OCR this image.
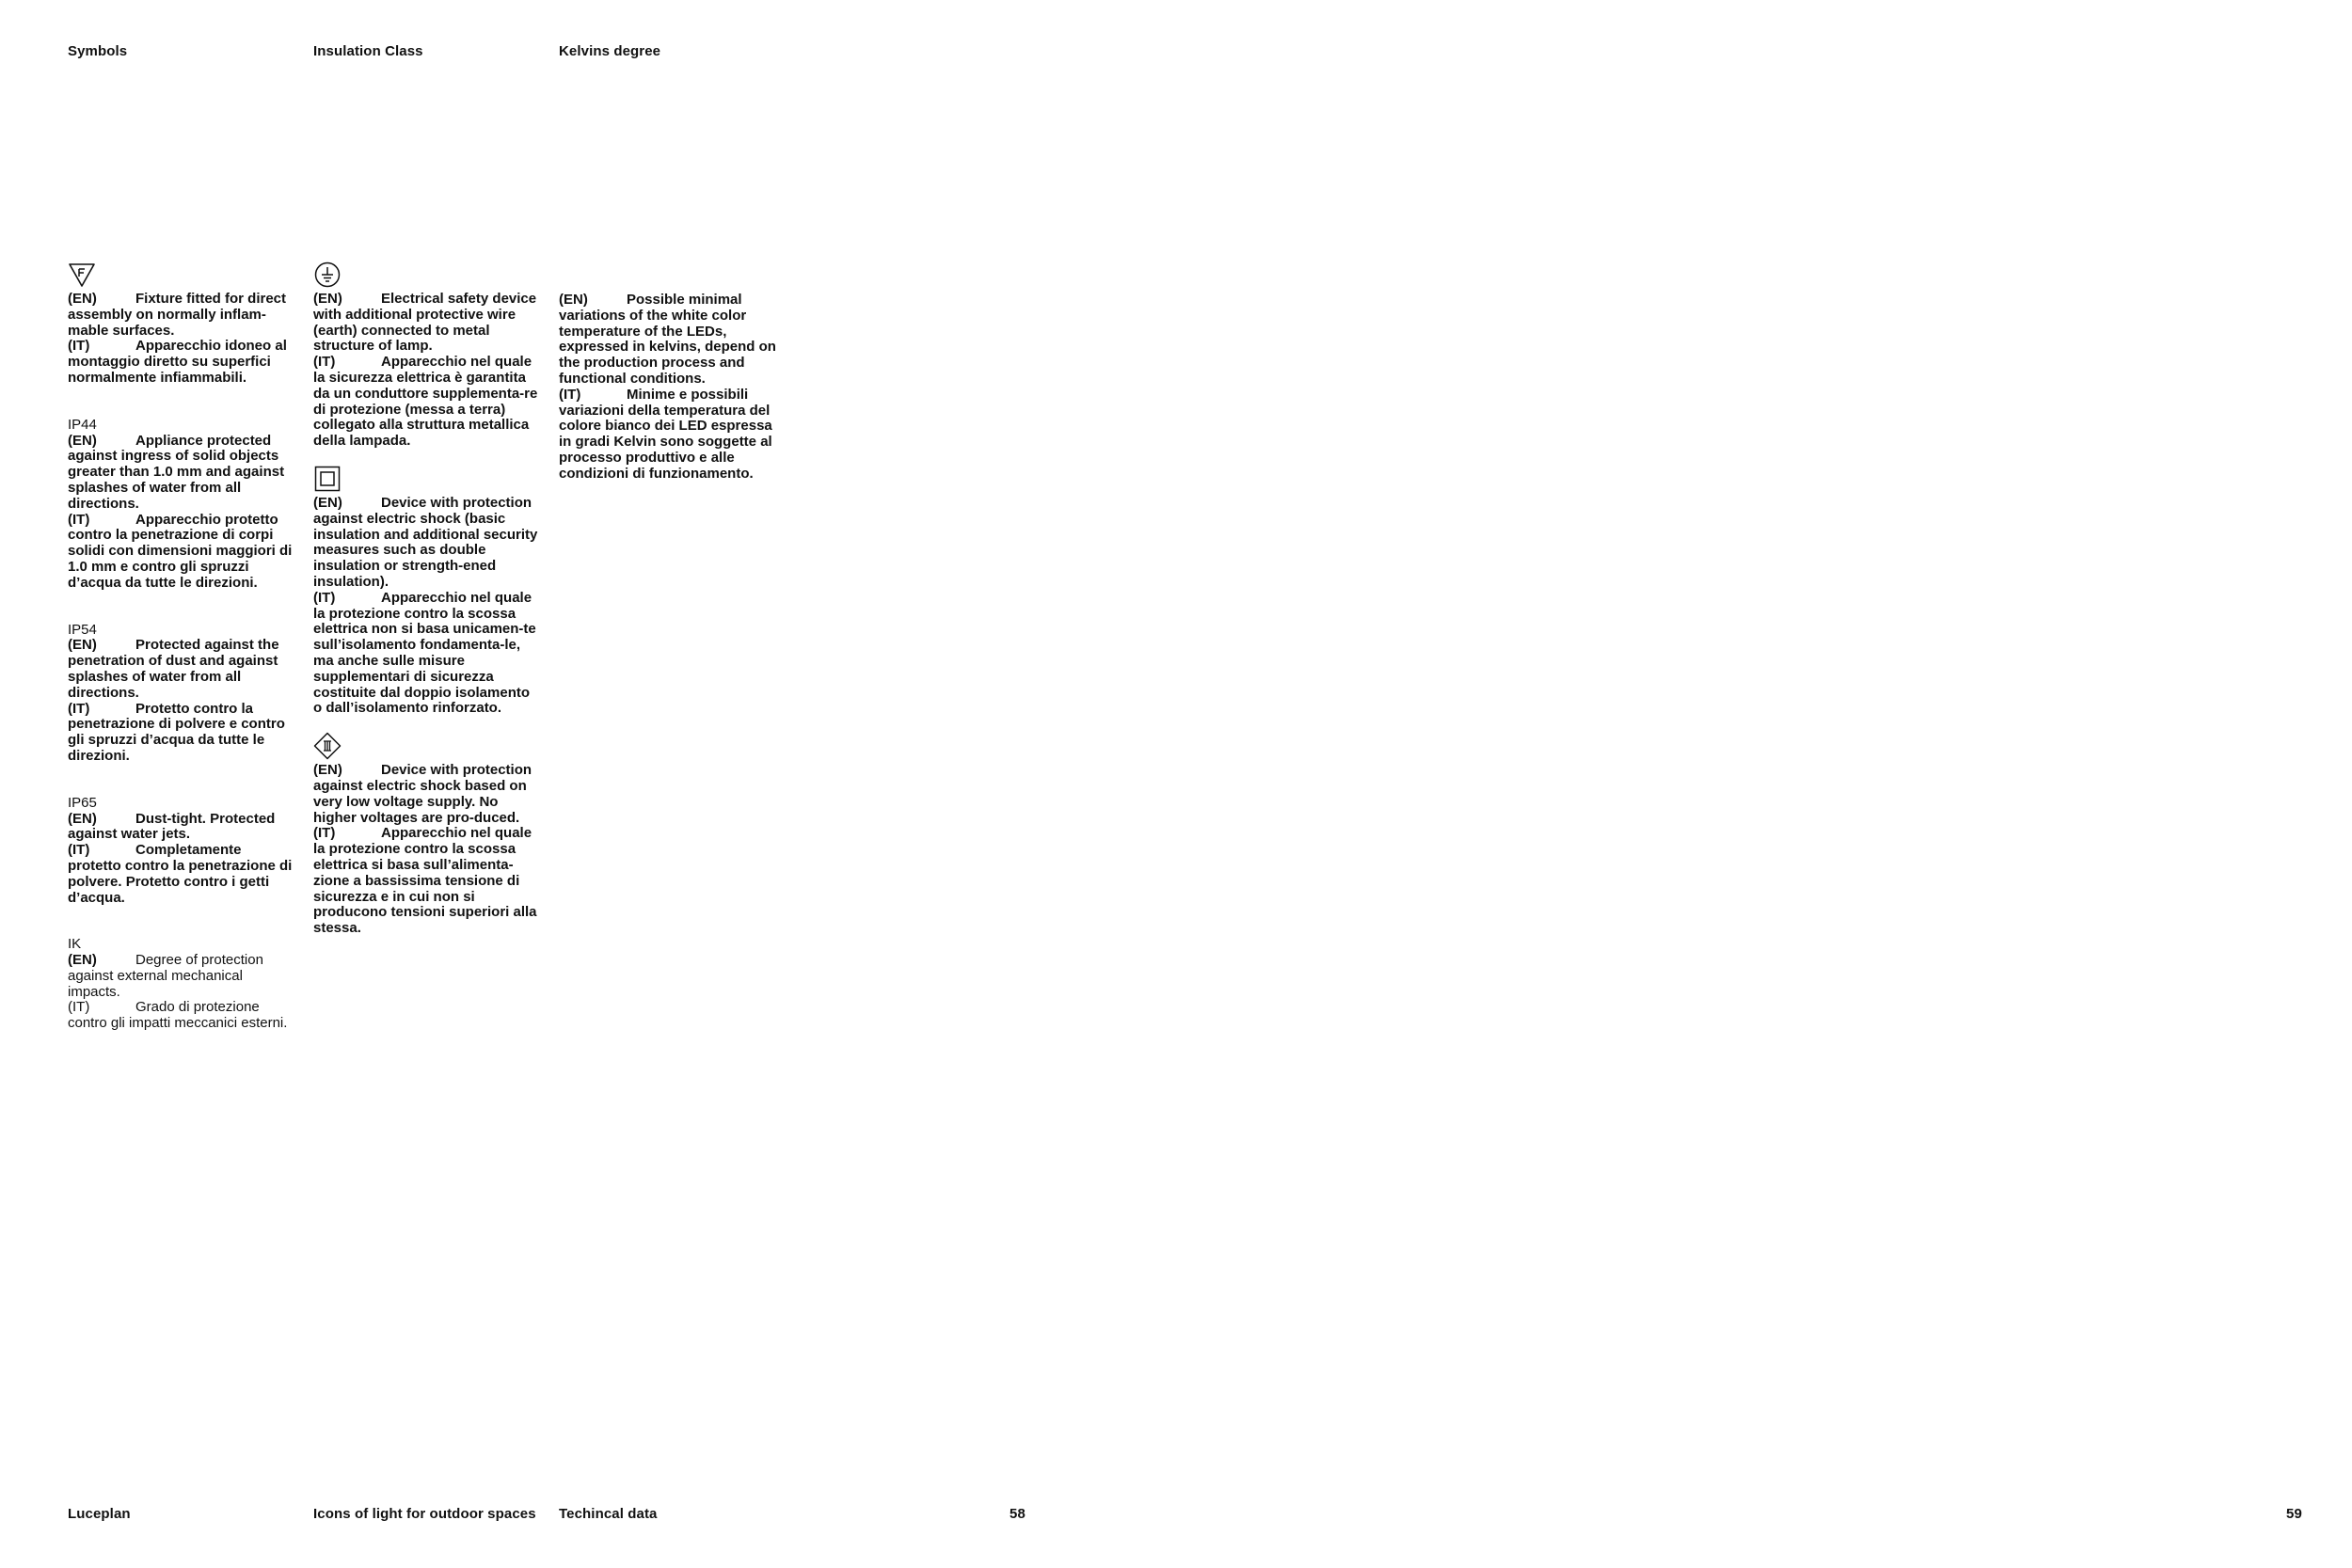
Symbols	Insulation Class	Kelvins degree
(EN)	Fixture fitted for direct assembly on normally inflam-mable surfaces.
(IT)	Apparecchio idoneo al montaggio diretto su superfici normalmente infiammabili.
IP44
(EN)	Appliance protected against ingress of solid objects greater than 1.0 mm and against splashes of water from all directions.
(IT)	Apparecchio protetto contro la penetrazione di corpi solidi con dimensioni maggiori di 1.0 mm e contro gli spruzzi d’acqua da tutte le direzioni.
IP54
(EN)	Protected against the penetration of dust and against splashes of water from all directions.
(IT)	Protetto contro la penetrazione di polvere e contro gli spruzzi d’acqua da tutte le direzioni.
IP65
(EN)	Dust-tight. Protected against water jets.
(IT)	Completamente protetto contro la penetrazione di polvere. Protetto contro i getti d’acqua.
IK
(EN)	Degree of protection against external mechanical impacts.
(IT)	Grado di protezione contro gli impatti meccanici esterni.
(EN)	Electrical safety device with additional protective wire (earth) connected to metal structure of lamp.
(IT)	Apparecchio nel quale la sicurezza elettrica è garantita da un conduttore supplementa-re di protezione (messa a terra) collegato alla struttura metallica della lampada.
(EN)	Device with protection against electric shock (basic insulation and additional security measures such as double insulation or strength-ened insulation).
(IT)	Apparecchio nel quale la protezione contro la scossa elettrica non si basa unicamen-te sull’isolamento fondamenta-le, ma anche sulle misure supplementari di sicurezza costituite dal doppio isolamento o dall’isolamento rinforzato.
(EN)	Device with protection against electric shock based on very low voltage supply. No higher voltages are pro-duced.
(IT)	Apparecchio nel quale la protezione contro la scossa elettrica si basa sull’alimenta-zione a bassissima tensione di sicurezza e in cui non si producono tensioni superiori alla stessa.
(EN)	Possible minimal variations of the white color temperature of the LEDs, expressed in kelvins, depend on the production process and functional conditions.
(IT)	Minime e possibili variazioni della temperatura del colore bianco dei LED espressa in gradi Kelvin sono soggette al processo produttivo e alle condizioni di funzionamento.
Luceplan	Icons of light for outdoor spaces Techincal data	58	59
